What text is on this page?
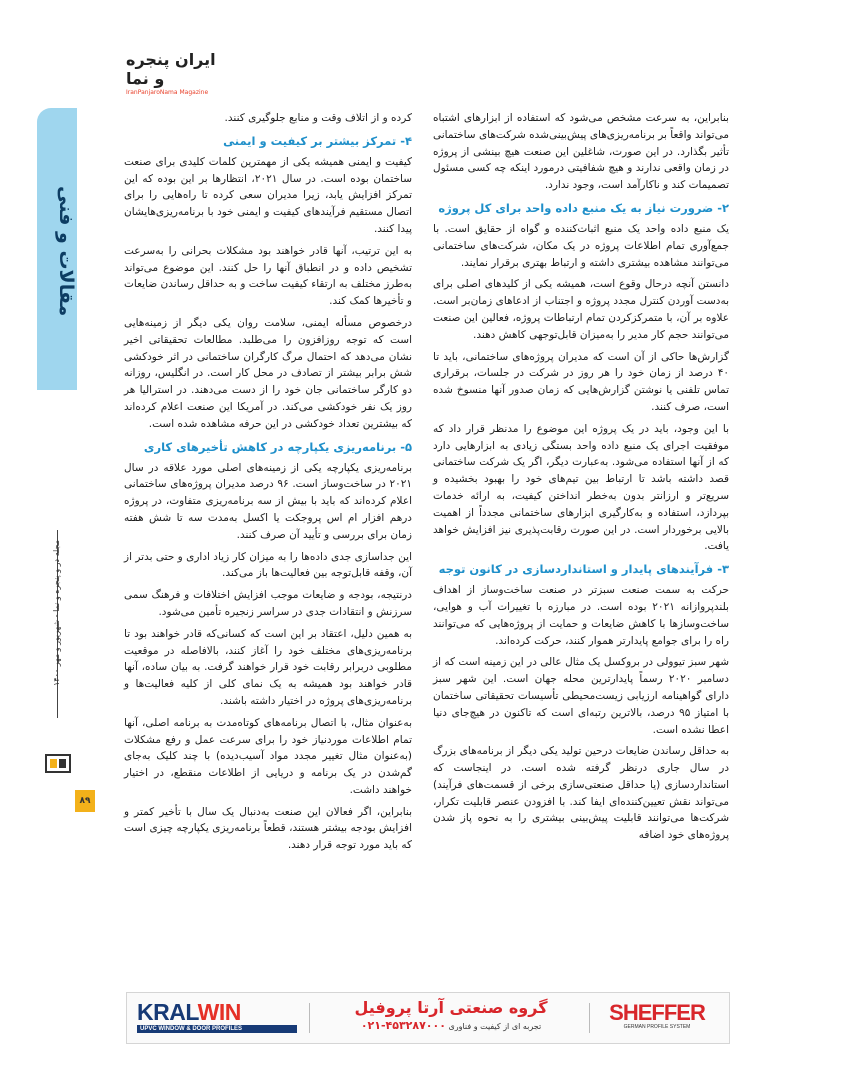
ایران پنجره و نما
IranPanjaroNama Magazine
مقالات و فنی
مجله در و پنجره و نما - شهریور و مهر ۱۴۰۰
۸۹

بنابراین، به سرعت مشخص می‌شود که استفاده از ابزارهای اشتباه می‌تواند واقعاً بر برنامه‌ریزی‌های پیش‌بینی‌شده شرکت‌های ساختمانی تأثیر بگذارد. در این صورت، شاغلین این صنعت هیچ بینشی از پروژه در زمان واقعی ندارند و هیچ شفافیتی درمورد اینکه چه کسی مسئول تصمیمات کند و ناکارآمد است، وجود ندارد.

۲- ضرورت نیاز به یک منبع داده واحد برای کل پروژه

یک منبع داده واحد یک منبع اثبات‌کننده و گواه از حقایق است. با جمع‌آوری تمام اطلاعات پروژه در یک مکان، شرکت‌های ساختمانی می‌توانند مشاهده بیشتری داشته و ارتباط بهتری برقرار نمایند.

دانستن آنچه درحال وقوع است، همیشه یکی از کلیدهای اصلی برای به‌دست آوردن کنترل مجدد پروژه و اجتناب از ادعاهای زمان‌بر است. علاوه بر آن، با متمرکزکردن تمام ارتباطات پروژه، فعالین این صنعت می‌توانند حجم کار مدیر را به‌میزان قابل‌توجهی کاهش دهند.

گزارش‌ها حاکی از آن است که مدیران پروژه‌های ساختمانی، باید تا ۴۰ درصد از زمان خود را هر روز در شرکت در جلسات، برقراری تماس تلفنی یا نوشتن گزارش‌هایی که زمان صدور آنها منسوخ شده است، صرف کنند.

با این وجود، باید در یک پروژه این موضوع را مدنظر قرار داد که موفقیت اجرای یک منبع داده واحد بستگی زیادی به ابزارهایی دارد که از آنها استفاده می‌شود. به‌عبارت دیگر، اگر یک شرکت ساختمانی قصد داشته باشد تا ارتباط بین تیم‌های خود را بهبود بخشیده و سریع‌تر و ارزانتر بدون به‌خطر انداختن کیفیت، به ارائه خدمات بپردازد، استفاده و به‌کارگیری ابزارهای ساختمانی مجدداً از اهمیت بالایی برخوردار است. در این صورت رقابت‌پذیری نیز افزایش خواهد یافت.

۳- فرآیندهای پایدار و استانداردسازی در کانون توجه

حرکت به سمت صنعت سبزتر در صنعت ساخت‌وساز از اهداف بلندپروازانه ۲۰۲۱ بوده است. در مبارزه با تغییرات آب و هوایی، ساخت‌وسازها با کاهش ضایعات و حمایت از پروژه‌هایی که می‌توانند راه را برای جوامع پایدارتر هموار کنند، حرکت کرده‌اند.

شهر سبز تیوولی در بروکسل یک مثال عالی در این زمینه است که از دسامبر ۲۰۲۰ رسماً پایدارترین محله جهان است. این شهر سبز دارای گواهینامه ارزیابی زیست‌محیطی تأسیسات تحقیقاتی ساختمان با امتیاز ۹۵ درصد، بالاترین رتبه‌ای است که تاکنون در هیچ‌جای دنیا اعطا نشده است.

به حداقل رساندن ضایعات درحین تولید یکی دیگر از برنامه‌های بزرگ در سال جاری درنظر گرفته شده است. در اینجاست که استانداردسازی (یا حداقل صنعتی‌سازی برخی از قسمت‌های فرآیند) می‌تواند نقش تعیین‌کننده‌ای ایفا کند. با افزودن عنصر قابلیت تکرار، شرکت‌ها می‌توانند قابلیت پیش‌بینی بیشتری را به نحوه پاز شدن پروژه‌های خود اضافه

کرده و از اتلاف وقت و منابع جلوگیری کنند.

۴- تمرکز بیشتر بر کیفیت و ایمنی

کیفیت و ایمنی همیشه یکی از مهمترین کلمات کلیدی برای صنعت ساختمان بوده است. در سال ۲۰۲۱، انتظارها بر این بوده که این تمرکز افزایش یابد، زیرا مدیران سعی کرده تا راه‌هایی را برای اتصال مستقیم فرآیندهای کیفیت و ایمنی خود با برنامه‌ریزی‌هایشان پیدا کنند.

به این ترتیب، آنها قادر خواهند بود مشکلات بحرانی را به‌سرعت تشخیص داده و در انطباق آنها را حل کنند. این موضوع می‌تواند به‌طرز مختلف به ارتقاء کیفیت ساخت و به حداقل رساندن ضایعات و تأخیرها کمک کند.

درخصوص مسأله ایمنی، سلامت روان یکی دیگر از زمینه‌هایی است که توجه روزافزون را می‌طلبد. مطالعات تحقیقاتی اخیر نشان می‌دهد که احتمال مرگ کارگران ساختمانی در اثر خودکشی شش برابر بیشتر از تصادف در محل کار است. در انگلیس، روزانه دو کارگر ساختمانی جان خود را از دست می‌دهند. در استرالیا هر روز یک نفر خودکشی می‌کند. در آمریکا این صنعت اعلام کرده‌اند که بیشترین تعداد خودکشی در این حرفه مشاهده شده است.

۵- برنامه‌ریزی یکپارچه در کاهش تأخیرهای کاری

برنامه‌ریزی یکپارچه یکی از زمینه‌های اصلی مورد علاقه در سال ۲۰۲۱ در ساخت‌وساز است. ۹۶ درصد مدیران پروژه‌های ساختمانی اعلام کرده‌اند که باید با بیش از سه برنامه‌ریزی متفاوت، در پروژه درهم افزار ام اس پروجکت یا اکسل به‌مدت سه تا شش هفته زمان برای بررسی و تأیید آن صرف کنند.

این جداسازی جدی داده‌ها را به میزان کار زیاد اداری و حتی بدتر از آن، وقفه قابل‌توجه بین فعالیت‌ها باز می‌کند.

درنتیجه، بودجه و ضایعات موجب افزایش اختلافات و فرهنگ سمی سرزنش و انتقادات جدی در سراسر زنجیره تأمین می‌شود.

به همین دلیل، اعتقاد بر این است که کسانی‌که قادر خواهند بود تا برنامه‌ریزی‌های مختلف خود را آغاز کنند، بالافاصله در موقعیت مطلوبی دربرابر رقابت خود قرار خواهند گرفت. به بیان ساده، آنها قادر خواهند بود همیشه به یک نمای کلی از کلیه فعالیت‌ها و برنامه‌ریزی‌های پروژه در اختیار داشته باشند.

به‌عنوان مثال، با اتصال برنامه‌های کوتاه‌مدت به برنامه اصلی، آنها تمام اطلاعات موردنیاز خود را برای سرعت عمل و رفع مشکلات (به‌عنوان مثال تغییر مجدد مواد آسیب‌دیده) با چند کلیک به‌جای گم‌شدن در یک برنامه و دریایی از اطلاعات منقطع، در اختیار خواهند داشت.

بنابراین، اگر فعالان این صنعت به‌دنبال یک سال با تأخیر کمتر و افزایش بودجه بیشتر هستند، قطعاً برنامه‌ریزی یکپارچه چیزی است که باید مورد توجه قرار دهند.

KRALWIN
UPVC WINDOW & DOOR PROFILES
گروه صنعتی آرتا پروفیل
تجربه ای از کیفیت و فناوری ۰۲۱-۴۵۳۲۸۷۰۰۰
SHEFFER
GERMAN PROFILE SYSTEM
